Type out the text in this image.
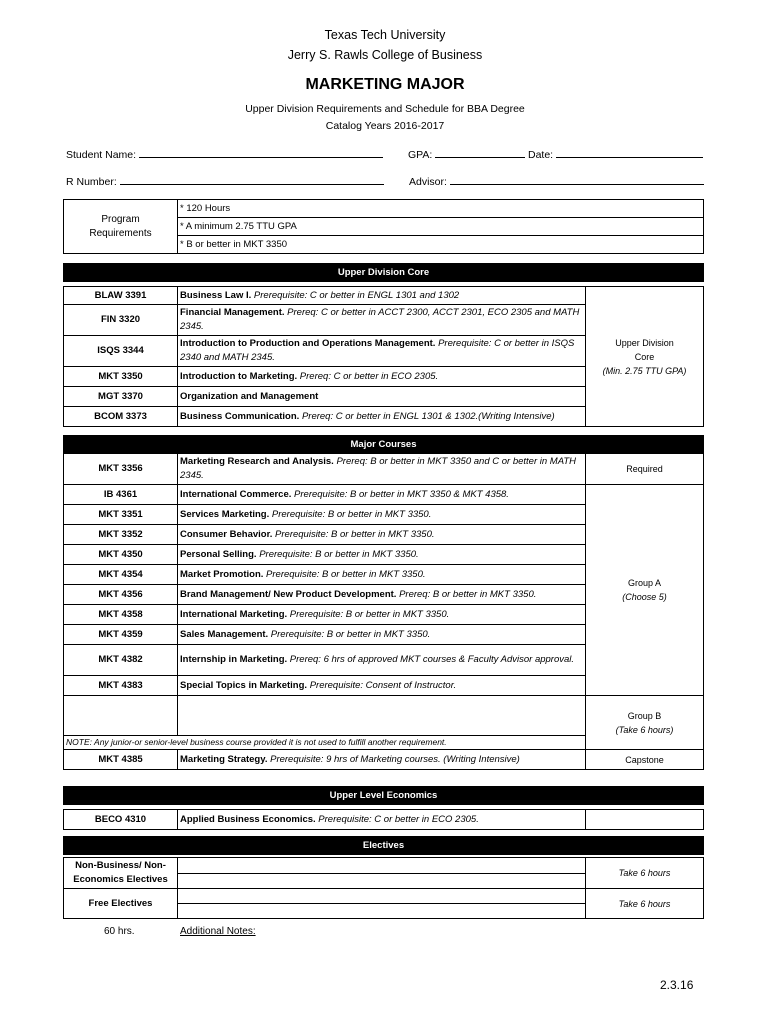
Texas Tech University
Jerry S. Rawls College of Business
MARKETING MAJOR
Upper Division Requirements and Schedule for BBA Degree
Catalog Years 2016-2017
Student Name:	GPA:	Date:
R Number:	Advisor:
Program
Requirements
	* 120 Hours
* A minimum 2.75 TTU GPA
* B or better in MKT 3350
Upper Division Core		

BLAW 3391	Business Law I. Prerequisite: C or better in ENGL 1301 and 1302	Upper Division
Core
(Min. 2.75 TTU GPA)

FIN 3320	Financial Management. Prereq: C or better in ACCT 2300, ACCT 2301, ECO 2305 and MATH 2345.	
ISQS 3344	Introduction to Production and Operations Management. Prerequisite: C or better in ISQS 2340 and MATH 2345.	
MKT 3350	Introduction to Marketing. Prereq: C or better in ECO 2305.	
MGT 3370	Organization and Management	
BCOM 3373	Business Communication. Prereq: C or better in ENGL 1301 & 1302.(Writing Intensive)	
Major Courses		
MKT 3356	Marketing Research and Analysis. Prereq: B or better in MKT 3350 and C or better in MATH 2345.	Required
IB 4361	International Commerce. Prerequisite: B or better in MKT 3350 & MKT 4358.	Group A
(Choose 5)

MKT 3351	Services Marketing. Prerequisite: B or better in MKT 3350.	
MKT 3352	Consumer Behavior. Prerequisite: B or better in MKT 3350.	
MKT 4350	Personal Selling. Prerequisite: B or better in MKT 3350.	
MKT 4354	Market Promotion. Prerequisite: B or better in MKT 3350.	
MKT 4356	Brand Management/ New Product Development. Prereq: B or better in MKT 3350.	
MKT 4358	International Marketing. Prerequisite: B or better in MKT 3350.	
MKT 4359	Sales Management. Prerequisite: B or better in MKT 3350.	
MKT 4382	Internship in Marketing. Prereq: 6 hrs of approved MKT courses & Faculty Advisor approval.	
MKT 4383	Special Topics in Marketing. Prerequisite: Consent of Instructor.	

		Group B
(Take 6 hours)

NOTE: Any junior-or senior-level business course provided it is not used to fulfill another requirement.		
MKT 4385	Marketing Strategy. Prerequisite: 9 hrs of Marketing courses. (Writing Intensive)	Capstone
Upper Level Economics

BECO 4310	Applied Business Economics. Prerequisite: C or better in ECO 2305.	
Electives		

Non-Business/ Non-
Economics Electives		Take 6 hours

Free Electives		Take 6 hours

60 hrs.	Additional Notes:
2.3.16
